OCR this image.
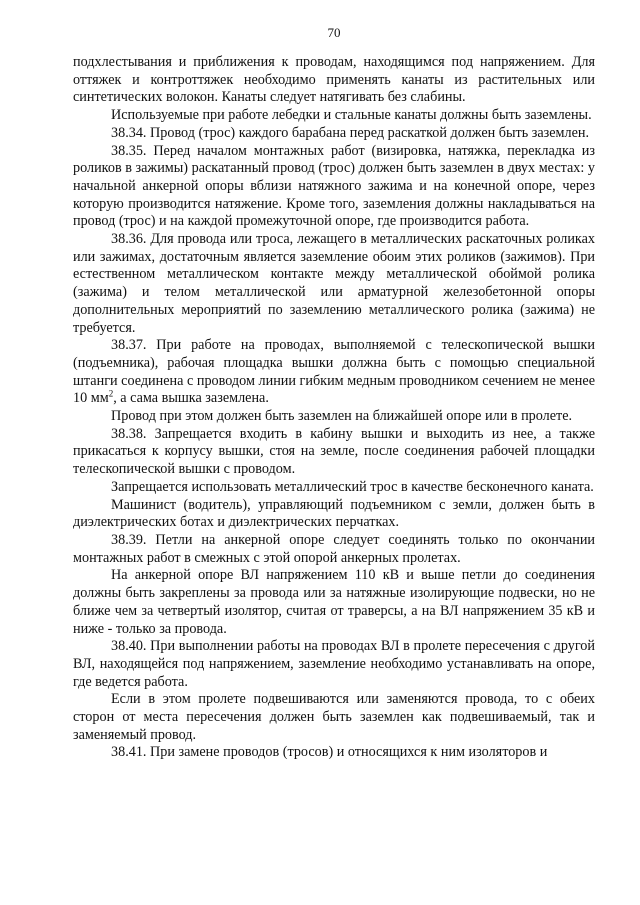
70

подхлестывания и приближения к проводам, находящимся под напряжением. Для оттяжек и контроттяжек необходимо применять канаты из растительных или синтетических волокон. Канаты следует натягивать без слабины.

Используемые при работе лебедки и стальные канаты должны быть заземлены.

38.34. Провод (трос) каждого барабана перед раскаткой должен быть заземлен.

38.35. Перед началом монтажных работ (визировка, натяжка, перекладка из роликов в зажимы) раскатанный провод (трос) должен быть заземлен в двух местах: у начальной анкерной опоры вблизи натяжного зажима и на конечной опоре, через которую производится натяжение. Кроме того, заземления должны накладываться на провод (трос) и на каждой промежуточной опоре, где производится работа.

38.36. Для провода или троса, лежащего в металлических раскаточных роликах или зажимах, достаточным является заземление обоим этих роликов (зажимов). При естественном металлическом контакте между металлической обоймой ролика (зажима) и телом металлической или арматурной железобетонной опоры дополнительных мероприятий по заземлению металлического ролика (зажима) не требуется.

38.37. При работе на проводах, выполняемой с телескопической вышки (подъемника), рабочая площадка вышки должна быть с помощью специальной штанги соединена с проводом линии гибким медным проводником сечением не менее 10 $мм^2$, а сама вышка заземлена.

Провод при этом должен быть заземлен на ближайшей опоре или в пролете.

38.38. Запрещается входить в кабину вышки и выходить из нее, а также прикасаться к корпусу вышки, стоя на земле, после соединения рабочей площадки телескопической вышки с проводом.

Запрещается использовать металлический трос в качестве бесконечного каната.

Машинист (водитель), управляющий подъемником с земли, должен быть в диэлектрических ботах и диэлектрических перчатках.

38.39. Петли на анкерной опоре следует соединять только по окончании монтажных работ в смежных с этой опорой анкерных пролетах.

На анкерной опоре ВЛ напряжением 110 кВ и выше петли до соединения должны быть закреплены за провода или за натяжные изолирующие подвески, но не ближе чем за четвертый изолятор, считая от траверсы, а на ВЛ напряжением 35 кВ и ниже - только за провода.

38.40. При выполнении работы на проводах ВЛ в пролете пересечения с другой ВЛ, находящейся под напряжением, заземление необходимо устанавливать на опоре, где ведется работа.

Если в этом пролете подвешиваются или заменяются провода, то с обеих сторон от места пересечения должен быть заземлен как подвешиваемый, так и заменяемый провод.

38.41. При замене проводов (тросов) и относящихся к ним изоляторов и
